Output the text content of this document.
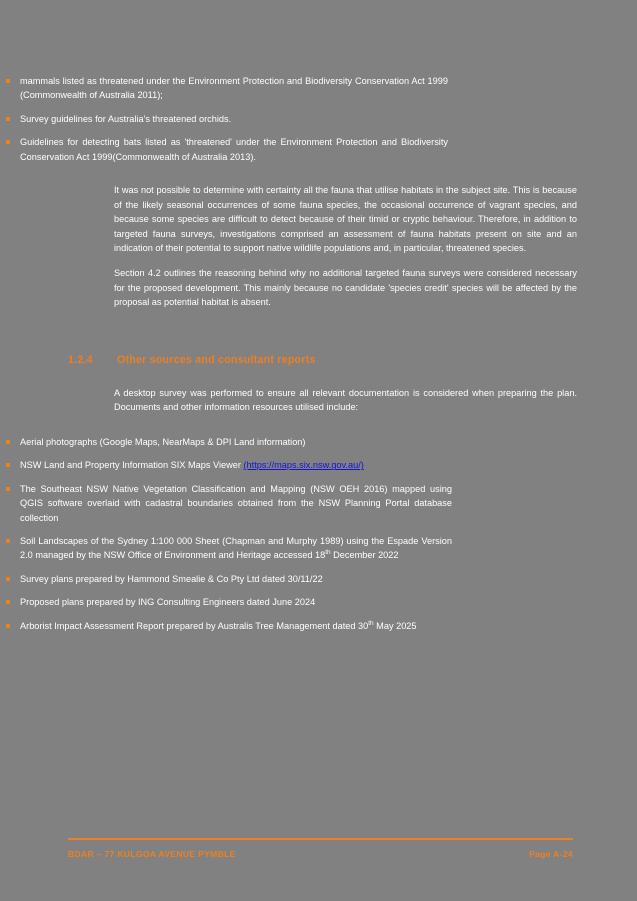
mammals listed as threatened under the Environment Protection and Biodiversity Conservation Act 1999 (Commonwealth of Australia 2011);
Survey guidelines for Australia's threatened orchids.
Guidelines for detecting bats listed as 'threatened' under the Environment Protection and Biodiversity Conservation Act 1999(Commonwealth of Australia 2013).

It was not possible to determine with certainty all the fauna that utilise habitats in the subject site. This is because of the likely seasonal occurrences of some fauna species, the occasional occurrence of vagrant species, and because some species are difficult to detect because of their timid or cryptic behaviour. Therefore, in addition to targeted fauna surveys, investigations comprised an assessment of fauna habitats present on site and an indication of their potential to support native wildlife populations and, in particular, threatened species.

Section 4.2 outlines the reasoning behind why no additional targeted fauna surveys were considered necessary for the proposed development. This mainly because no candidate 'species credit' species will be affected by the proposal as potential habitat is absent.

1.2.4	Other sources and consultant reports

A desktop survey was performed to ensure all relevant documentation is considered when preparing the plan. Documents and other information resources utilised include:

Aerial photographs (Google Maps, NearMaps & DPI Land information)
NSW Land and Property Information SIX Maps Viewer (https://maps.six.nsw.gov.au/)
The Southeast NSW Native Vegetation Classification and Mapping (NSW OEH 2016) mapped using QGIS software overlaid with cadastral boundaries obtained from the NSW Planning Portal database collection
Soil Landscapes of the Sydney 1:100 000 Sheet (Chapman and Murphy 1989) using the Espade Version 2.0 managed by the NSW Office of Environment and Heritage accessed 18th December 2022
Survey plans prepared by Hammond Smealie & Co Pty Ltd dated 30/11/22
Proposed plans prepared by ING Consulting Engineers dated June 2024
Arborist Impact Assessment Report prepared by Australis Tree Management dated 30th May 2025
BDAR – 77 KULGOA AVENUE PYMBLE	Page A-24
